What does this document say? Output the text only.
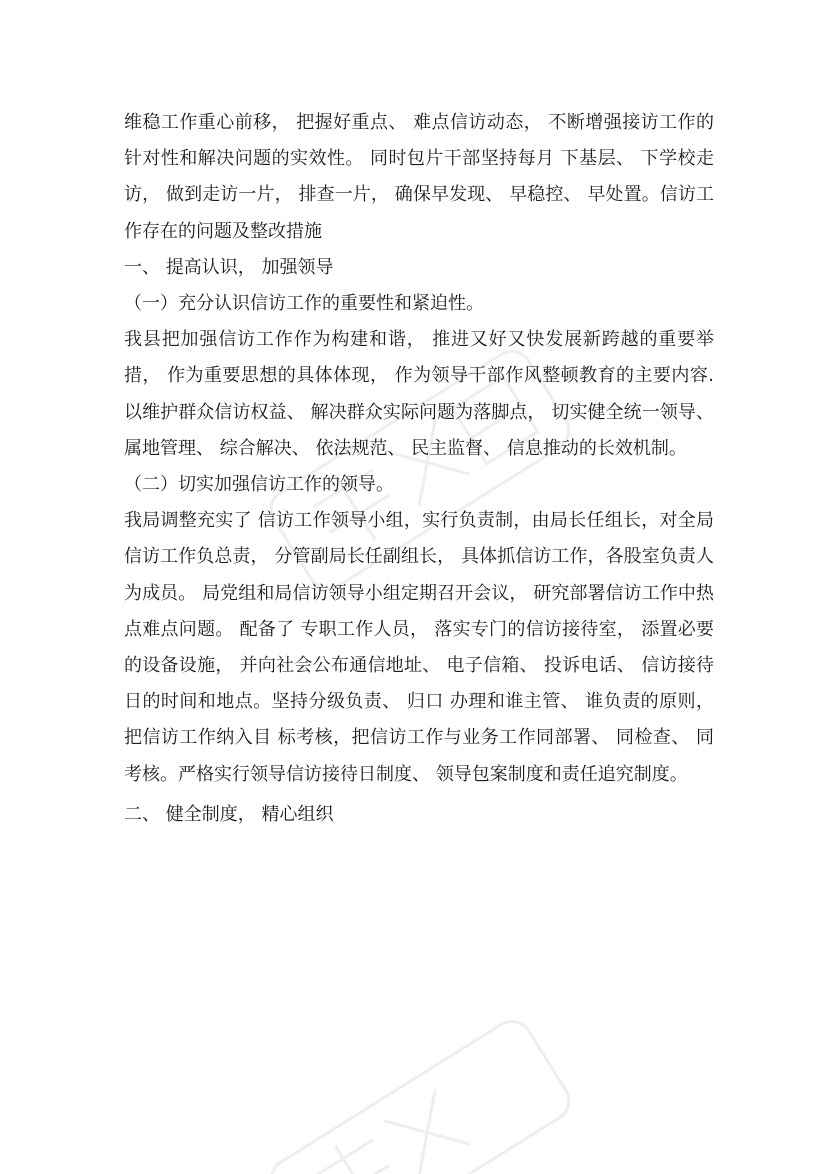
维稳工作重心前移， 把握好重点、 难点信访动态， 不断增强接访工作的针对性和解决问题的实效性。 同时包片干部坚持每月 下基层、 下学校走访， 做到走访一片， 排查一片， 确保早发现、 早稳控、 早处置。信访工作存在的问题及整改措施

一、 提高认识， 加强领导

（一）充分认识信访工作的重要性和紧迫性。

我县把加强信访工作作为构建和谐， 推进又好又快发展新跨越的重要举措， 作为重要思想的具体体现， 作为领导干部作风整顿教育的主要内容. 以维护群众信访权益、 解决群众实际问题为落脚点， 切实健全统一领导、 属地管理、 综合解决、 依法规范、 民主监督、 信息推动的长效机制。

（二）切实加强信访工作的领导。

我局调整充实了 信访工作领导小组，实行负责制，由局长任组长，对全局信访工作负总责， 分管副局长任副组长， 具体抓信访工作，各股室负责人为成员。 局党组和局信访领导小组定期召开会议， 研究部署信访工作中热点难点问题。 配备了 专职工作人员， 落实专门的信访接待室， 添置必要的设备设施， 并向社会公布通信地址、 电子信箱、 投诉电话、 信访接待日的时间和地点。坚持分级负责、 归口 办理和谁主管、 谁负责的原则， 把信访工作纳入目 标考核，把信访工作与业务工作同部署、 同检查、 同考核。严格实行领导信访接待日制度、 领导包案制度和责任追究制度。

二、 健全制度， 精心组织
